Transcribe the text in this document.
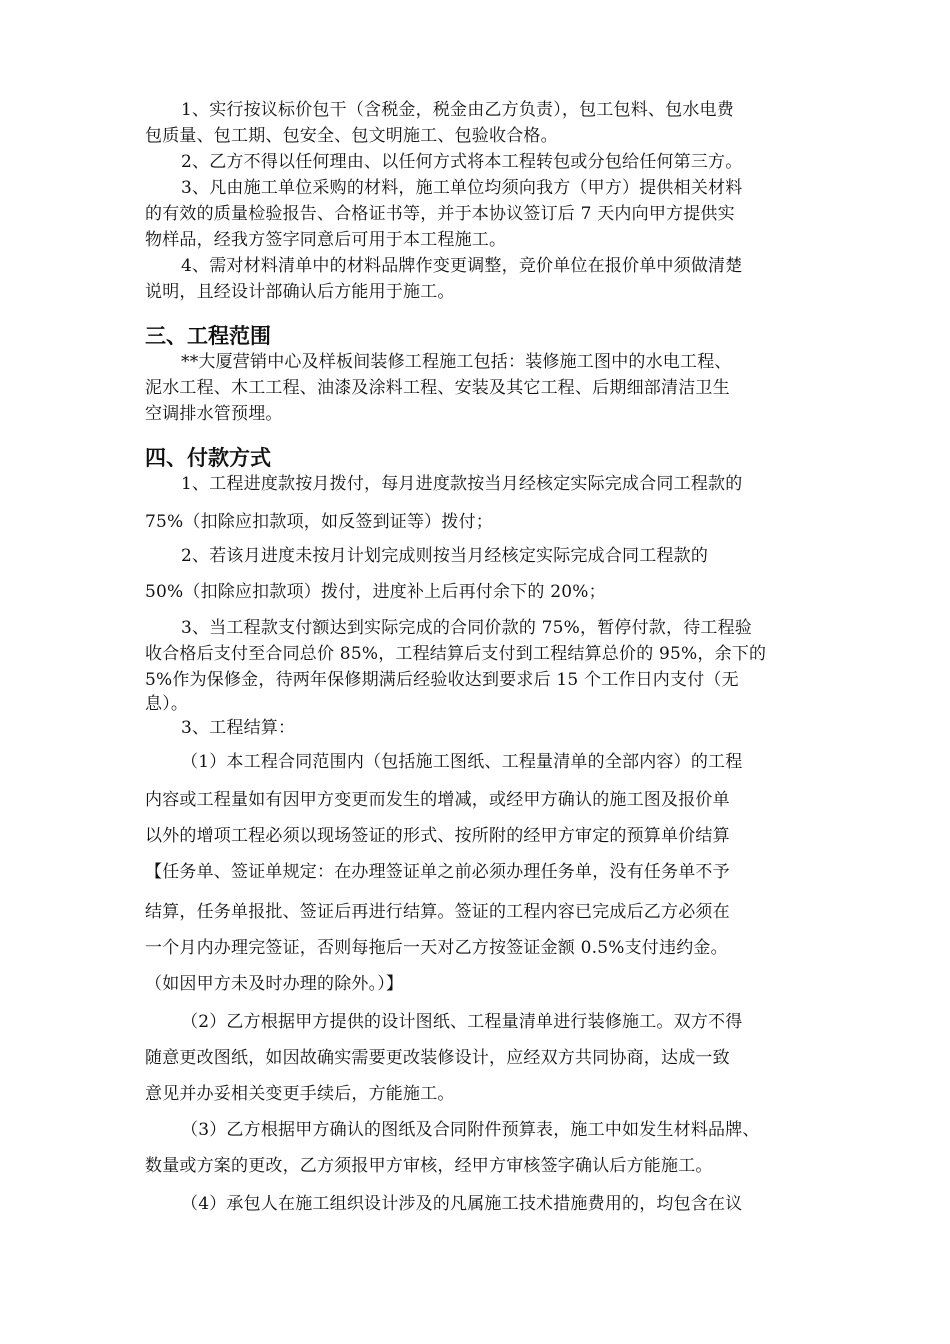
1、实行按议标价包干（含税金，税金由乙方负责），包工包料、包水电费
包质量、包工期、包安全、包文明施工、包验收合格。
2、乙方不得以任何理由、以任何方式将本工程转包或分包给任何第三方。
3、凡由施工单位采购的材料，施工单位均须向我方（甲方）提供相关材料
的有效的质量检验报告、合格证书等，并于本协议签订后 7 天内向甲方提供实
物样品，经我方签字同意后可用于本工程施工。
4、需对材料清单中的材料品牌作变更调整，竞价单位在报价单中须做清楚
说明，且经设计部确认后方能用于施工。
三、工程范围
**大厦营销中心及样板间装修工程施工包括：装修施工图中的水电工程、
泥水工程、木工工程、油漆及涂料工程、安装及其它工程、后期细部清洁卫生
空调排水管预埋。
四、付款方式
1、工程进度款按月拨付，每月进度款按当月经核定实际完成合同工程款的
75%（扣除应扣款项，如反签到证等）拨付；
2、若该月进度未按月计划完成则按当月经核定实际完成合同工程款的
50%（扣除应扣款项）拨付，进度补上后再付余下的 20%；
3、当工程款支付额达到实际完成的合同价款的 75%，暂停付款，待工程验
收合格后支付至合同总价 85%，工程结算后支付到工程结算总价的 95%，余下的
5%作为保修金，待两年保修期满后经验收达到要求后 15 个工作日内支付（无
息）。
3、工程结算：
（1）本工程合同范围内（包括施工图纸、工程量清单的全部内容）的工程
内容或工程量如有因甲方变更而发生的增减，或经甲方确认的施工图及报价单
以外的增项工程必须以现场签证的形式、按所附的经甲方审定的预算单价结算
【任务单、签证单规定：在办理签证单之前必须办理任务单，没有任务单不予
结算，任务单报批、签证后再进行结算。签证的工程内容已完成后乙方必须在
一个月内办理完签证，否则每拖后一天对乙方按签证金额 0.5%支付违约金。
（如因甲方未及时办理的除外。）】
（2）乙方根据甲方提供的设计图纸、工程量清单进行装修施工。双方不得
随意更改图纸，如因故确实需要更改装修设计，应经双方共同协商，达成一致
意见并办妥相关变更手续后，方能施工。
（3）乙方根据甲方确认的图纸及合同附件预算表，施工中如发生材料品牌、
数量或方案的更改，乙方须报甲方审核，经甲方审核签字确认后方能施工。
（4）承包人在施工组织设计涉及的凡属施工技术措施费用的，均包含在议
